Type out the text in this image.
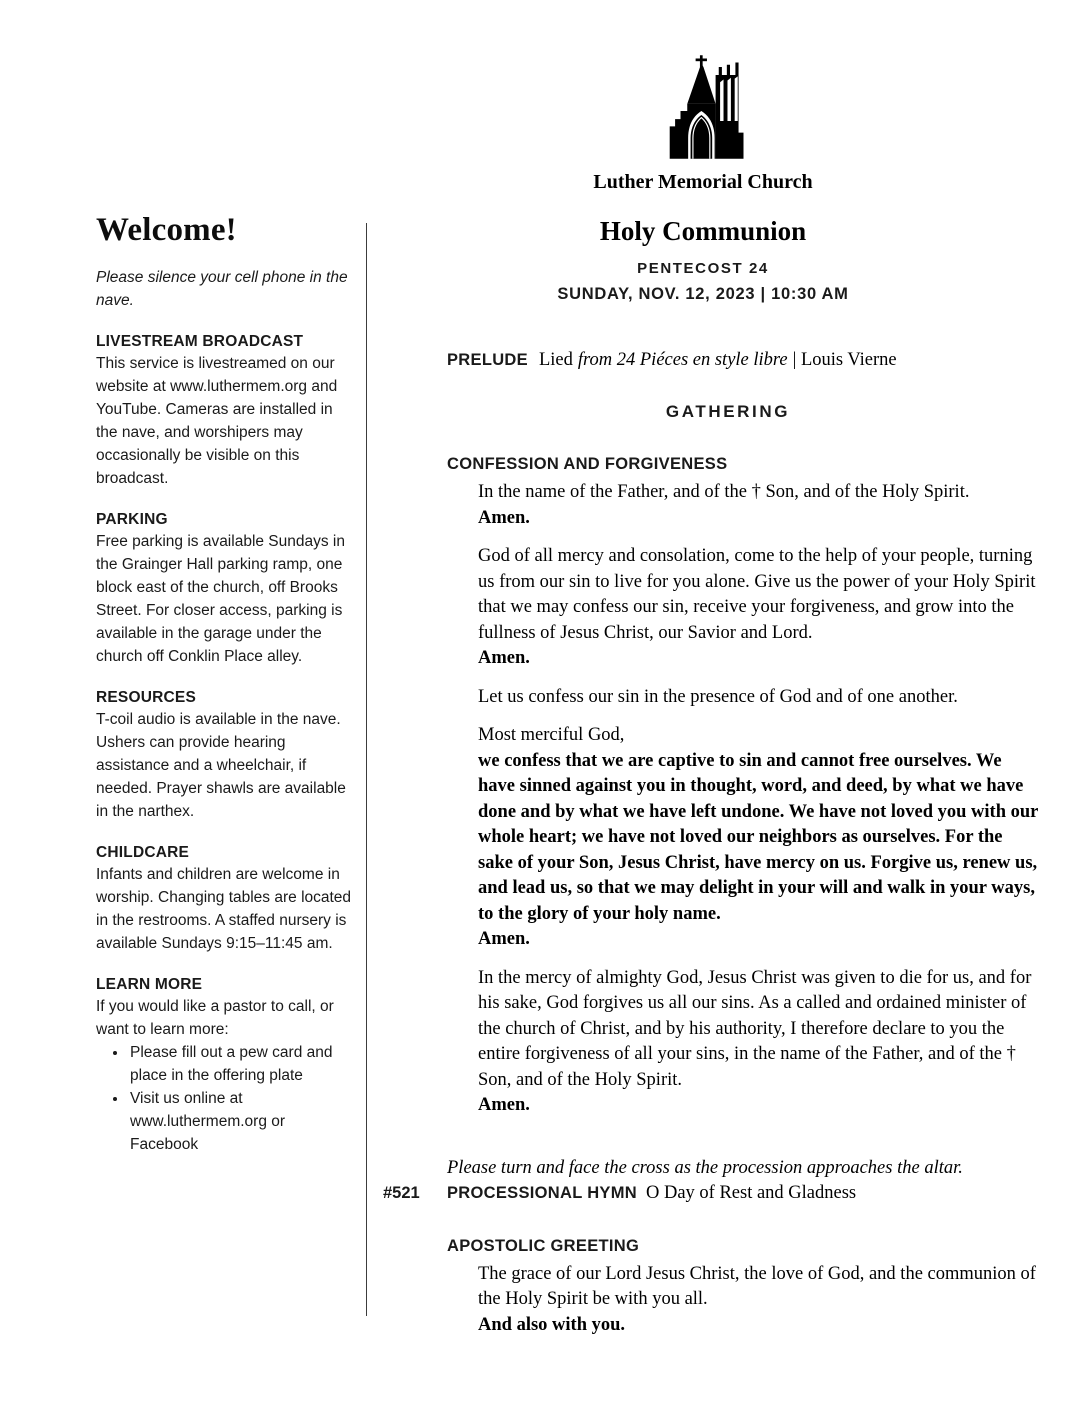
Luther Memorial Church
Holy Communion
PENTECOST 24
SUNDAY, NOV. 12, 2023 | 10:30 AM
Welcome!
Please silence your cell phone in the nave.
LIVESTREAM BROADCAST
This service is livestreamed on our website at www.luthermem.org and YouTube. Cameras are installed in the nave, and worshipers may occasionally be visible on this broadcast.
PARKING
Free parking is available Sundays in the Grainger Hall parking ramp, one block east of the church, off Brooks Street. For closer access, parking is available in the garage under the church off Conklin Place alley.
RESOURCES
T-coil audio is available in the nave. Ushers can provide hearing assistance and a wheelchair, if needed. Prayer shawls are available in the narthex.
CHILDCARE
Infants and children are welcome in worship. Changing tables are located in the restrooms. A staffed nursery is available Sundays 9:15–11:45 am.
LEARN MORE
If you would like a pastor to call, or want to learn more:
• Please fill out a pew card and place in the offering plate
• Visit us online at www.luthermem.org or Facebook
PRELUDE Lied from 24 Piéces en style libre | Louis Vierne
GATHERING
CONFESSION AND FORGIVENESS

In the name of the Father, and of the † Son, and of the Holy Spirit.

Amen.

God of all mercy and consolation, come to the help of your people, turning us from our sin to live for you alone. Give us the power of your Holy Spirit that we may confess our sin, receive your forgiveness, and grow into the fullness of Jesus Christ, our Savior and Lord.

Amen.

Let us confess our sin in the presence of God and of one another.

Most merciful God,

we confess that we are captive to sin and cannot free ourselves. We have sinned against you in thought, word, and deed, by what we have done and by what we have left undone. We have not loved you with our whole heart; we have not loved our neighbors as ourselves. For the sake of your Son, Jesus Christ, have mercy on us. Forgive us, renew us, and lead us, so that we may delight in your will and walk in your ways, to the glory of your holy name.

Amen.

In the mercy of almighty God, Jesus Christ was given to die for us, and for his sake, God forgives us all our sins. As a called and ordained minister of the church of Christ, and by his authority, I therefore declare to you the entire forgiveness of all your sins, in the name of the Father, and of the † Son, and of the Holy Spirit.

Amen.

Please turn and face the cross as the procession approaches the altar.
#521 PROCESSIONAL HYMN O Day of Rest and Gladness
APOSTOLIC GREETING

The grace of our Lord Jesus Christ, the love of God, and the communion of the Holy Spirit be with you all.

And also with you.
